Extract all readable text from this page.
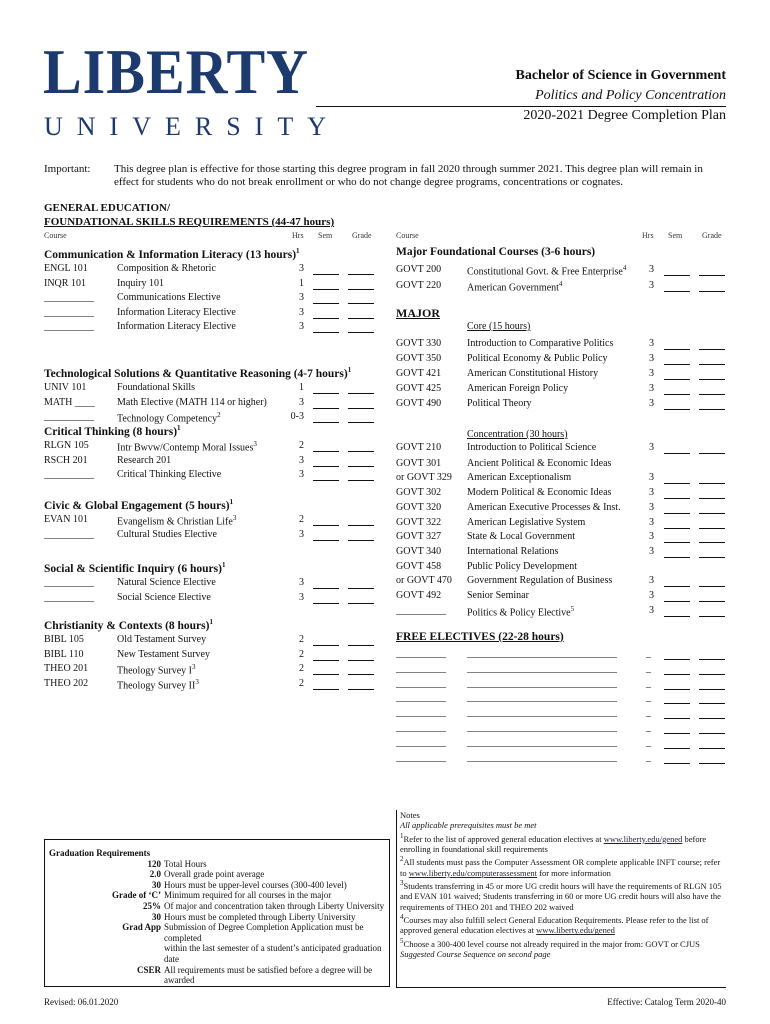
LIBERTY
UNIVERSITY
Bachelor of Science in Government
Politics and Policy Concentration
2020-2021 Degree Completion Plan
Important: This degree plan is effective for those starting this degree program in fall 2020 through summer 2021. This degree plan will remain in effect for students who do not break enrollment or who do not change degree programs, concentrations or cognates.
GENERAL EDUCATION/
FOUNDATIONAL SKILLS REQUIREMENTS (44-47 hours)
Course	Hrs Sem Grade	Course	Hrs Sem Grade
Communication & Information Literacy (13 hours)$^1$
ENGL 101	Composition & Rhetoric	3
INQR 101	Inquiry 101	1
__________ Communications Elective	3
__________ Information Literacy Elective	3
__________ Information Literacy Elective	3
Technological Solutions & Quantitative Reasoning (4-7 hours)$^1$
UNIV 101	Foundational Skills	1
MATH ____ Math Elective (MATH 114 or higher)	3
__________ Technology Competency$^2$	0-3
Critical Thinking (8 hours)$^1$
RLGN 105	Intr Bwvw/Contemp Moral Issues$^3$	2
RSCH 201	Research 201	3
__________ Critical Thinking Elective	3
Civic & Global Engagement (5 hours)$^1$
EVAN 101	Evangelism & Christian Life$^3$	2
__________ Cultural Studies Elective	3
Social & Scientific Inquiry (6 hours)$^1$
__________ Natural Science Elective	3
__________ Social Science Elective	3
Christianity & Contexts (8 hours)$^1$
BIBL 105	Old Testament Survey	2
BIBL 110	New Testament Survey	2
THEO 201	Theology Survey $I^3$	2
THEO 202	Theology Survey $II^3$	2
Major Foundational Courses (3-6 hours)
GOVT 200	Constitutional Govt. & Free Enterprise$^4$	3
GOVT 220	American Government$^4$	3
MAJOR
Core (15 hours)
GOVT 330	Introduction to Comparative Politics	3
GOVT 350	Political Economy & Public Policy	3
GOVT 421	American Constitutional History	3
GOVT 425	American Foreign Policy	3
GOVT 490	Political Theory	3
Concentration (30 hours)
GOVT 210	Introduction to Political Science	3
GOVT 301	Ancient Political & Economic Ideas
or GOVT 329 American Exceptionalism	3
GOVT 302	Modern Political & Economic Ideas	3
GOVT 320	American Executive Processes & Inst.	3
GOVT 322	American Legislative System	3
GOVT 327	State & Local Government	3
GOVT 340	International Relations	3
GOVT 458	Public Policy Development
or GOVT 470 Government Regulation of Business	3
GOVT 492	Senior Seminar	3
__________ Politics & Policy Elective$^5$	3
FREE ELECTIVES (22-28 hours)
__________ ______________________________	_
__________ ______________________________	_
__________ ______________________________	_
__________ ______________________________	_
__________ ______________________________	_
__________ ______________________________	_
__________ ______________________________	_
__________ ______________________________	_
Graduation Requirements
120 Total Hours
2.0 Overall grade point average
30 Hours must be upper-level courses (300-400 level)
Grade of ‘C’ Minimum required for all courses in the major
25% Of major and concentration taken through Liberty University
30 Hours must be completed through Liberty University
Grad App Submission of Degree Completion Application must be completed
within the last semester of a student’s anticipated graduation date
CSER All requirements must be satisfied before a degree will be awarded
Notes
All applicable prerequisites must be met
$^1$Refer to the list of approved general education electives at www.liberty.edu/gened before enrolling in foundational skill requirements
$^2$All students must pass the Computer Assessment OR complete applicable INFT course; refer to www.liberty.edu/computerassessment for more information
$^3$Students transferring in 45 or more UG credit hours will have the requirements of RLGN 105 and EVAN 101 waived; Students transferring in 60 or more UG credit hours will also have the requirements of THEO 201 and THEO 202 waived
$^4$Courses may also fulfill select General Education Requirements. Please refer to the list of approved general education electives at www.liberty.edu/gened
$^5$Choose a 300-400 level course not already required in the major from: GOVT or CJUS
Suggested Course Sequence on second page
Revised: 06.01.2020	Effective: Catalog Term 2020-40
